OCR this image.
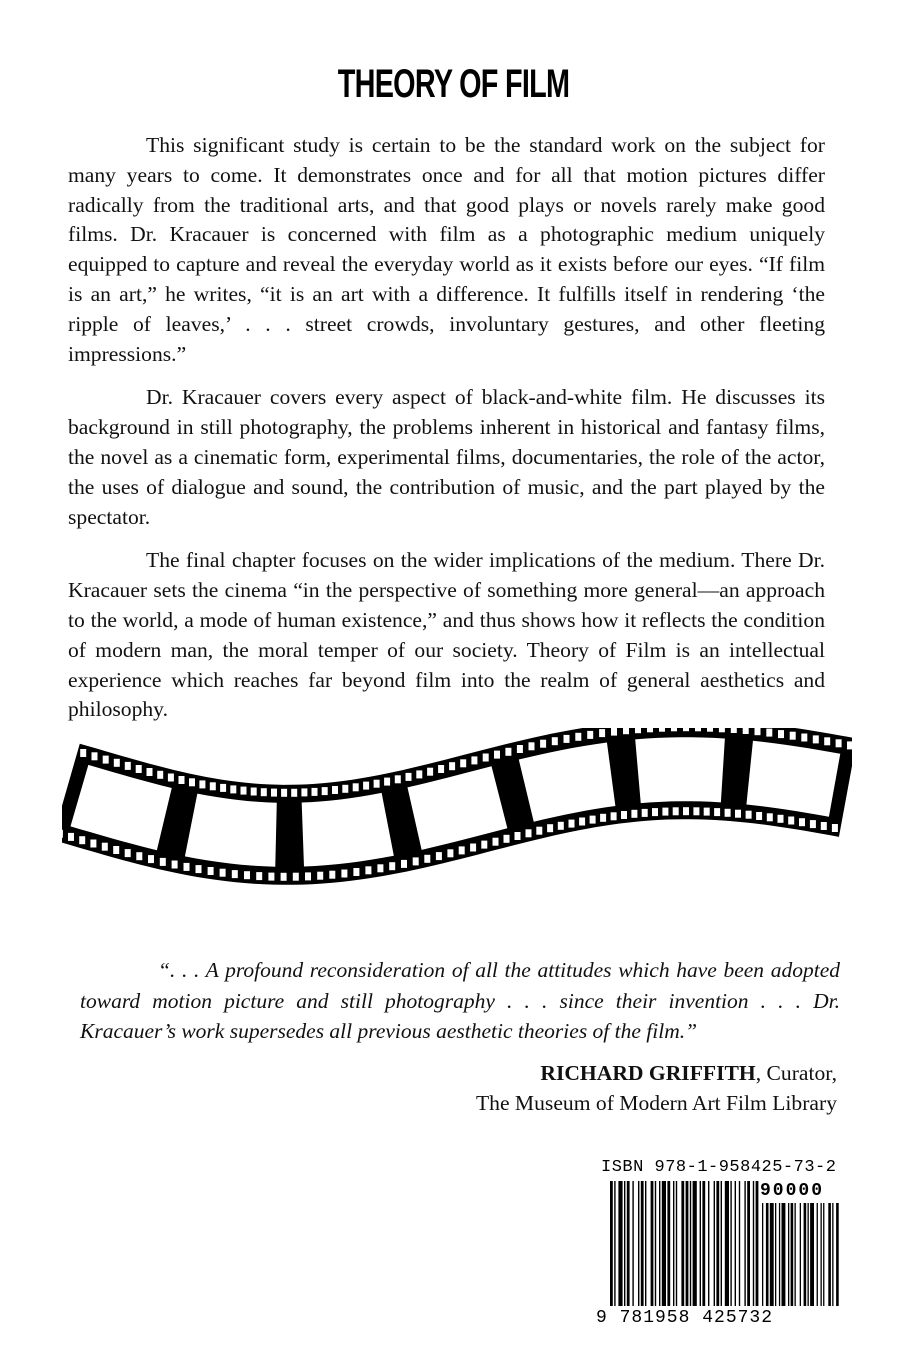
THEORY OF FILM

This significant study is certain to be the standard work on the subject for many years to come. It demonstrates once and for all that motion pictures differ radically from the traditional arts, and that good plays or novels rarely make good films. Dr. Kracauer is concerned with film as a photographic medium uniquely equipped to capture and reveal the everyday world as it exists before our eyes. “If film is an art,” he writes, “it is an art with a difference. It fulfills itself in rendering ‘the ripple of leaves,’ . . . street crowds, involuntary gestures, and other fleeting impressions.”

Dr. Kracauer covers every aspect of black-and-white film. He discusses its background in still photography, the problems inherent in historical and fantasy films, the novel as a cinematic form, experimental films, documentaries, the role of the actor, the uses of dialogue and sound, the contribution of music, and the part played by the spectator.

The final chapter focuses on the wider implications of the medium. There Dr. Kracauer sets the cinema “in the perspective of something more general—an approach to the world, a mode of human existence,” and thus shows how it reflects the condition of modern man, the moral temper of our society. Theory of Film is an intellectual experience which reaches far beyond film into the realm of general aesthetics and philosophy.

“. . . A profound reconsideration of all the attitudes which have been adopted toward motion picture and still photography . . . since their invention . . . Dr. Kracauer’s work supersedes all previous aesthetic theories of the film.”

RICHARD GRIFFITH, Curator,
The Museum of Modern Art Film Library
ISBN 978-1-958425-73-2
90000
9 781958 425732
